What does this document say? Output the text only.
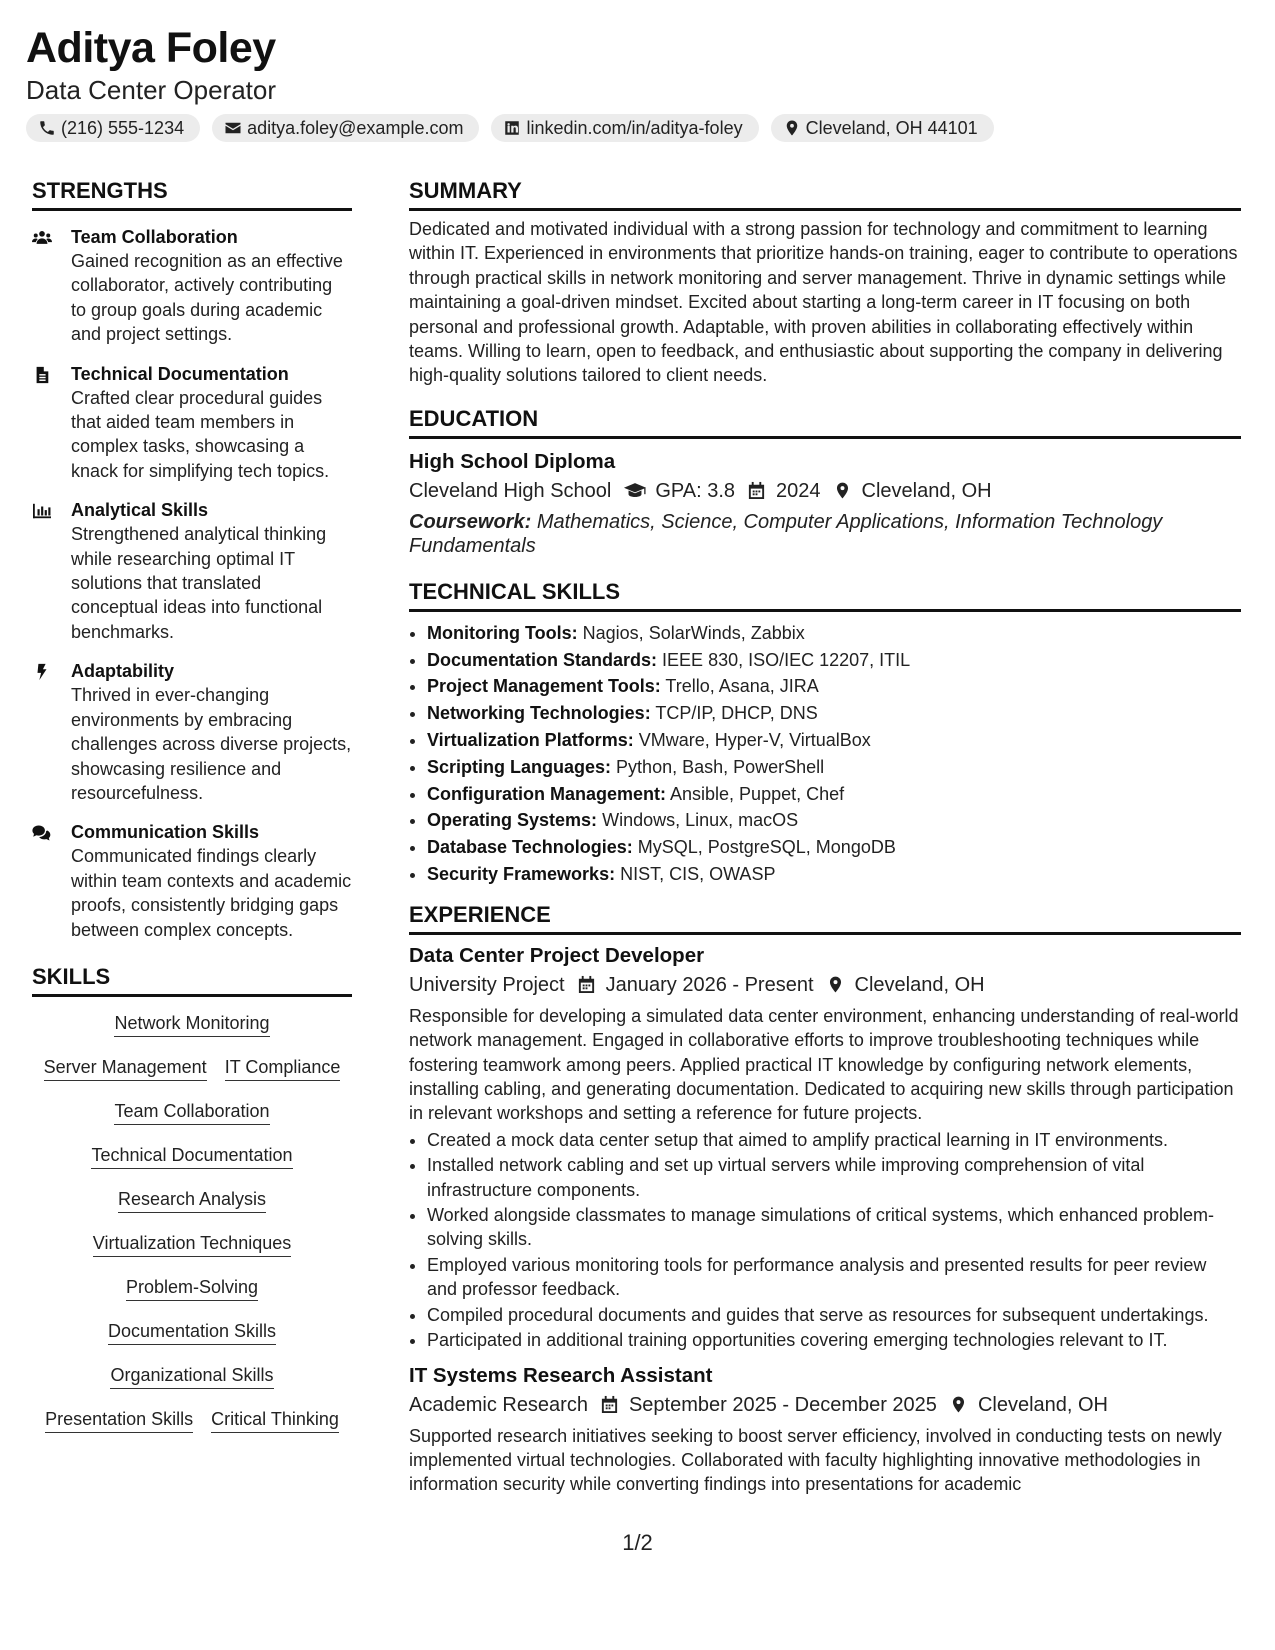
Aditya Foley
Data Center Operator
(216) 555-1234	aditya.foley@example.com	linkedin.com/in/aditya-foley	Cleveland, OH 44101
STRENGTHS
Team Collaboration
Gained recognition as an effective collaborator, actively contributing to group goals during academic and project settings.
Technical Documentation
Crafted clear procedural guides that aided team members in complex tasks, showcasing a knack for simplifying tech topics.
Analytical Skills
Strengthened analytical thinking while researching optimal IT solutions that translated conceptual ideas into functional benchmarks.
Adaptability
Thrived in ever-changing environments by embracing challenges across diverse projects, showcasing resilience and resourcefulness.
Communication Skills
Communicated findings clearly within team contexts and academic proofs, consistently bridging gaps between complex concepts.
SKILLS
Network Monitoring
Server Management IT Compliance
Team Collaboration
Technical Documentation
Research Analysis
Virtualization Techniques
Problem-Solving
Documentation Skills
Organizational Skills
Presentation Skills Critical Thinking
SUMMARY

Dedicated and motivated individual with a strong passion for technology and commitment to learning within IT. Experienced in environments that prioritize hands-on training, eager to contribute to operations through practical skills in network monitoring and server management. Thrive in dynamic settings while maintaining a goal-driven mindset. Excited about starting a long-term career in IT focusing on both personal and professional growth. Adaptable, with proven abilities in collaborating effectively within teams. Willing to learn, open to feedback, and enthusiastic about supporting the company in delivering high-quality solutions tailored to client needs.

EDUCATION
High School Diploma
Cleveland High School GPA: 3.8 2024 Cleveland, OH
Coursework: Mathematics, Science, Computer Applications, Information Technology Fundamentals
TECHNICAL SKILLS
• Monitoring Tools: Nagios, SolarWinds, Zabbix
• Documentation Standards: IEEE 830, ISO/IEC 12207, ITIL
• Project Management Tools: Trello, Asana, JIRA
• Networking Technologies: TCP/IP, DHCP, DNS
• Virtualization Platforms: VMware, Hyper-V, VirtualBox
• Scripting Languages: Python, Bash, PowerShell
• Configuration Management: Ansible, Puppet, Chef
• Operating Systems: Windows, Linux, macOS
• Database Technologies: MySQL, PostgreSQL, MongoDB
• Security Frameworks: NIST, CIS, OWASP
EXPERIENCE
Data Center Project Developer
University Project January 2026 - Present Cleveland, OH

Responsible for developing a simulated data center environment, enhancing understanding of real-world network management. Engaged in collaborative efforts to improve troubleshooting techniques while fostering teamwork among peers. Applied practical IT knowledge by configuring network elements, installing cabling, and generating documentation. Dedicated to acquiring new skills through participation in relevant workshops and setting a reference for future projects.

• Created a mock data center setup that aimed to amplify practical learning in IT environments.
• Installed network cabling and set up virtual servers while improving comprehension of vital infrastructure components.
• Worked alongside classmates to manage simulations of critical systems, which enhanced problem-solving skills.
• Employed various monitoring tools for performance analysis and presented results for peer review and professor feedback.
• Compiled procedural documents and guides that serve as resources for subsequent undertakings.
• Participated in additional training opportunities covering emerging technologies relevant to IT.
IT Systems Research Assistant
Academic Research September 2025 - December 2025 Cleveland, OH

Supported research initiatives seeking to boost server efficiency, involved in conducting tests on newly implemented virtual technologies. Collaborated with faculty highlighting innovative methodologies in information security while converting findings into presentations for academic

1/2
